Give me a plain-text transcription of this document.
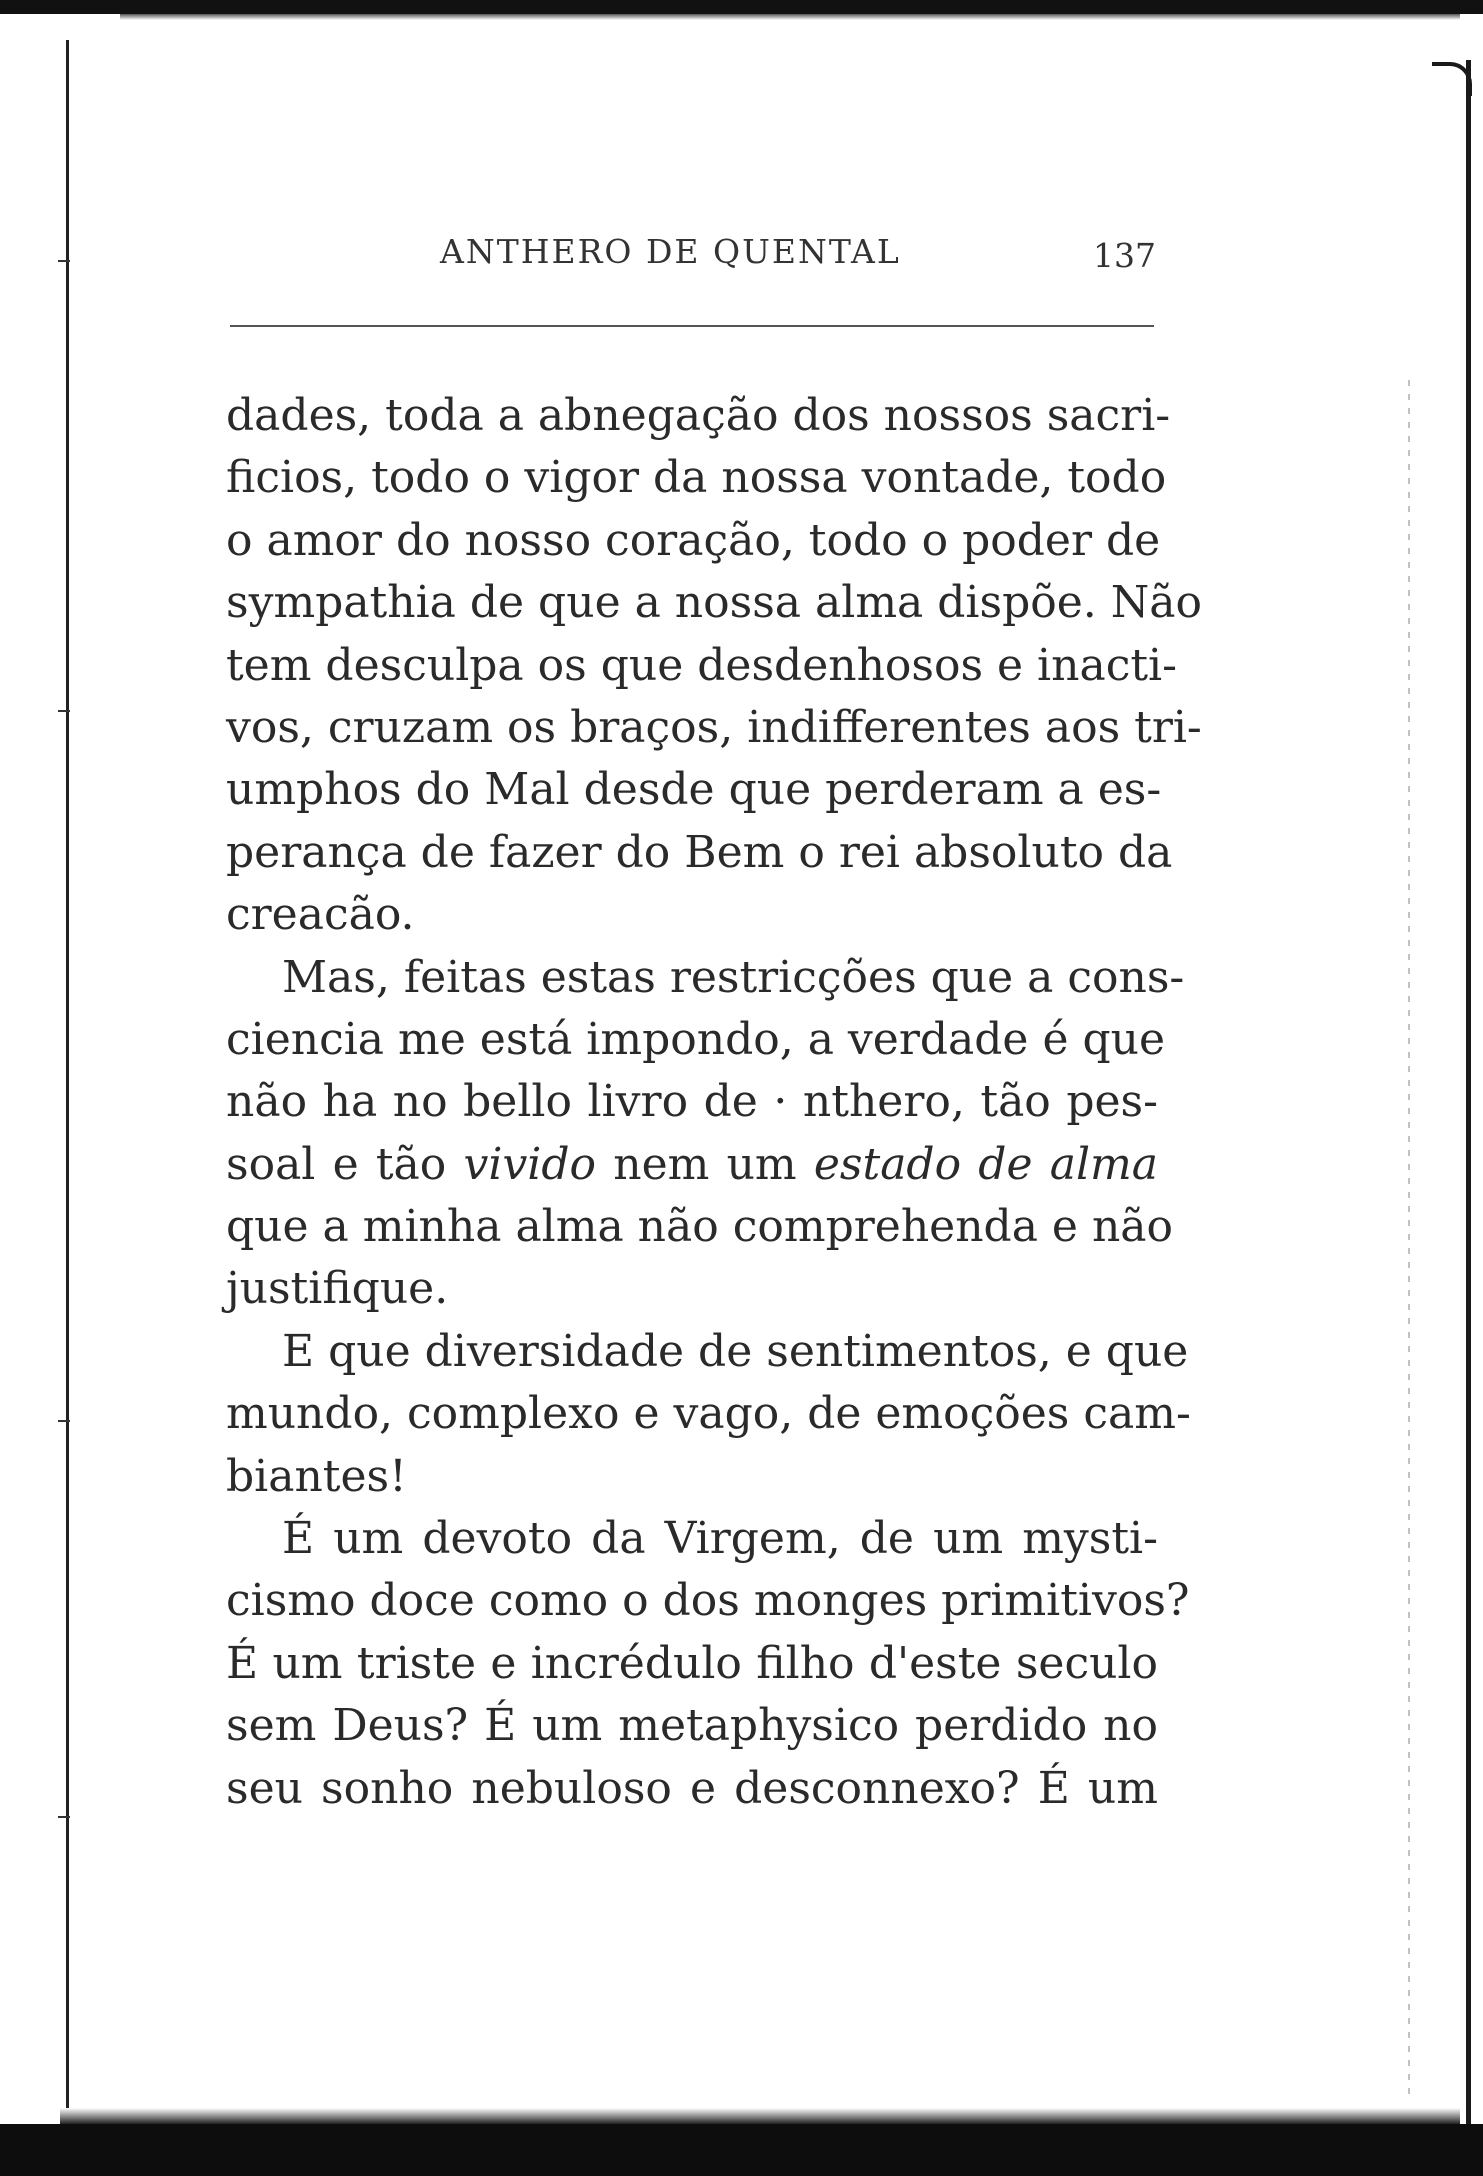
ANTHERO DE QUENTAL	137
dades, toda a abnegação dos nossos sacri-
ficios, todo o vigor da nossa vontade, todo
o amor do nosso coração, todo o poder de
sympathia de que a nossa alma dispõe. Não
tem desculpa os que desdenhosos e inacti-
vos, cruzam os braços, indifferentes aos tri-
umphos do Mal desde que perderam a es-
perança de fazer do Bem o rei absoluto da
creacão.
Mas, feitas estas restricções que a cons-
ciencia me está impondo, a verdade é que
não ha no bello livro de · nthero, tão pes-
soal e tão vivido nem um estado de alma
que a minha alma não comprehenda e não
justifique.
E que diversidade de sentimentos, e que
mundo, complexo e vago, de emoções cam-
biantes!
É um devoto da Virgem, de um mysti-
cismo doce como o dos monges primitivos?
É um triste e incrédulo filho d'este seculo
sem Deus? É um metaphysico perdido no
seu sonho nebuloso e desconnexo? É um
